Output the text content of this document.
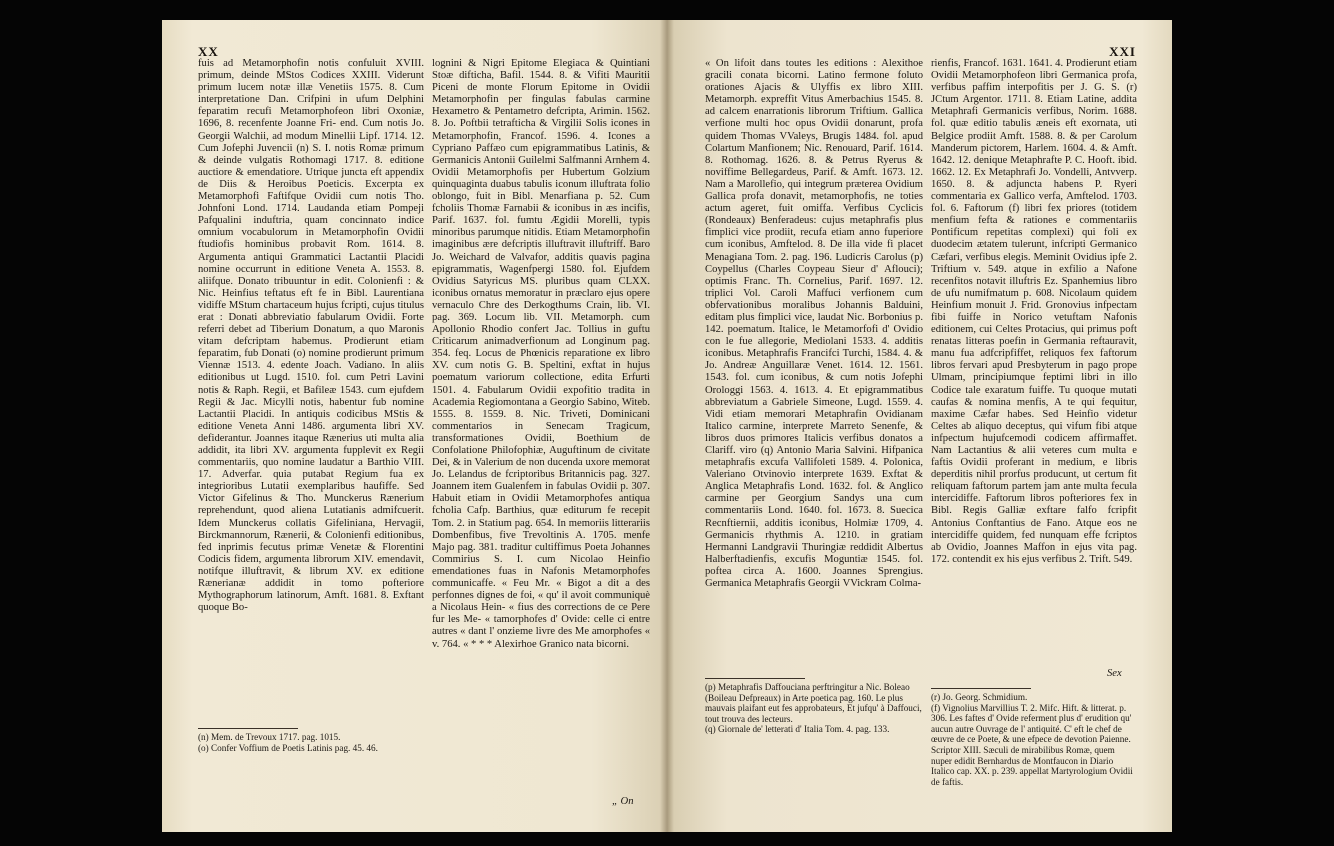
XX

fuis ad Metamorphofin notis confuluit XVIII. primum, deinde MStos Codices XXIII. Viderunt primum lucem notæ illæ Venetiis 1575. 8. Cum interpretatione Dan. Crifpini in ufum Delphini feparatim recufi Metamorphofeon libri Oxoniæ, 1696, 8. recenfente Joanne Fri- end. Cum notis Jo. Georgii Walchii, ad modum Minellii Lipf. 1714. 12. Cum Jofephi Juvencii (n) S. I. notis Romæ primum & deinde vulgatis Rothomagi 1717. 8. editione auctiore & emendatiore. Utrique juncta eft appendix de Diis & Heroibus Poeticis. Excerpta ex Metamorphofi Faftifque Ovidii cum notis Tho. Johnfoni Lond. 1714. Laudanda etiam Pompeji Pafqualini induftria, quam concinnato indice omnium vocabulorum in Metamorphofin Ovidii ftudiofis hominibus probavit Rom. 1614. 8. Argumenta antiqui Grammatici Lactantii Placidi nomine occurrunt in editione Veneta A. 1553. 8. aliifque. Donato tribuuntur in edit. Colonienfi : & Nic. Heinfius teftatus eft fe in Bibl. Laurentiana vidiffe MStum chartaceum hujus fcripti, cujus titulus erat : Donati abbreviatio fabularum Ovidii. Forte referri debet ad Tiberium Donatum, a quo Maronis vitam defcriptam habemus. Prodierunt etiam feparatim, fub Donati (o) nomine prodierunt primum Viennæ 1513. 4. edente Joach. Vadiano. In aliis editionibus ut Lugd. 1510. fol. cum Petri Lavini notis & Raph. Regii, et Bafileæ 1543. cum ejufdem Regii & Jac. Micylli notis, habentur fub nomine Lactantii Placidi. In antiquis codicibus MStis & editione Veneta Anni 1486. argumenta libri XV. defiderantur. Joannes itaque Rænerius uti multa alia addidit, ita libri XV. argumenta fupplevit ex Regii commentariis, quo nomine laudatur a Barthio VIII. 17. Adverfar. quia putabat Regium fua ex integrioribus Lutatii exemplaribus haufiffe. Sed Victor Gifelinus & Tho. Munckerus Rænerium reprehendunt, quod aliena Lutatianis admifcuerit. Idem Munckerus collatis Gifeliniana, Hervagii, Birckmannorum, Rænerii, & Colonienfi editionibus, fed inprimis fecutus primæ Venetæ & Florentini Codicis fidem, argumenta librorum XIV. emendavit, notifque illuftravit, & librum XV. ex editione Rænerianæ addidit in tomo pofteriore Mythographorum latinorum, Amft. 1681. 8. Exftant quoque Bo-

(n) Mem. de Trevoux 1717. pag. 1015.

(o) Confer Voffium de Poetis Latinis pag. 45. 46.

lognini & Nigri Epitome Elegiaca & Quintiani Stoæ difticha, Bafil. 1544. 8. & Vifiti Mauritii Piceni de monte Florum Epitome in Ovidii Metamorphofin per fingulas fabulas carmine Hexametro & Pentametro defcripta, Arimin. 1562. 8. Jo. Poftbii tetrafticha & Virgilii Solis icones in Metamorphofin, Francof. 1596. 4. Icones a Cypriano Paffæo cum epigrammatibus Latinis, & Germanicis Antonii Guilelmi Salfmanni Arnhem 4. Ovidii Metamorphofis per Hubertum Golzium quinquaginta duabus tabulis iconum illuftrata folio oblongo, fuit in Bibl. Menarfiana p. 52. Cum fcholiis Thomæ Farnabii & iconibus in æs incifis, Parif. 1637. fol. fumtu Ægidii Morelli, typis minoribus parumque nitidis. Etiam Metamorphofin imaginibus ære defcriptis illuftravit illuftriff. Baro Jo. Weichard de Valvafor, additis quavis pagina epigrammatis, Wagenfpergi 1580. fol. Ejufdem Ovidius Satyricus MS. pluribus quam CLXX. iconibus ornatus memoratur in præclaro ejus opere vernaculo Chre des Derkogthums Crain, lib. VI. pag. 369. Locum lib. VII. Metamorph. cum Apollonio Rhodio confert Jac. Tollius in guftu Criticarum animadverfionum ad Longinum pag. 354. feq. Locus de Phœnicis reparatione ex libro XV. cum notis G. B. Speltini, exftat in hujus poematum variorum collectione, edita Erfurti 1501. 4. Fabularum Ovidii expofitio tradita in Academia Regiomontana a Georgio Sabino, Witeb. 1555. 8. 1559. 8. Nic. Triveti, Dominicani commentarios in Senecam Tragicum, transformationes Ovidii, Boethium de Confolatione Philofophiæ, Auguftinum de civitate Dei, & in Valerium de non ducenda uxore memorat Jo. Lelandus de fcriptoribus Britannicis pag. 327. Joannem item Gualenfem in fabulas Ovidii p. 307. Habuit etiam in Ovidii Metamorphofes antiqua fcholia Cafp. Barthius, quæ editurum fe recepit Tom. 2. in Statium pag. 654. In memoriis litterariis Dombenfibus, five Trevoltinis A. 1705. menfe Majo pag. 381. traditur cultiffimus Poeta Johannes Commirius S. I. cum Nicolao Heinfio emendationes fuas in Nafonis Metamorphofes communicaffe. « Feu Mr. « Bigot a dit a des perfonnes dignes de foi, « qu' il avoit communiquè a Nicolaus Hein- « fius des corrections de ce Pere fur les Me- « tamorphofes d' Ovide: celle ci entre autres « dant l' onzieme livre des Me amorphofes « v. 764. « * * * Alexirhoe Granico nata bicorni.

„ On
XXI

« On lifoit dans toutes les editions : Alexithoe gracili conata bicorni. Latino fermone foluto orationes Ajacis & Ulyffis ex libro XIII. Metamorph. expreffit Vitus Amerbachius 1545. 8. ad calcem enarrationis librorum Triftium. Gallica verfione multi hoc opus Ovidii donarunt, profa quidem Thomas VValeys, Brugis 1484. fol. apud Colartum Manfionem; Nic. Renouard, Parif. 1614. 8. Rothomag. 1626. 8. & Petrus Ryerus & noviffime Bellegardeus, Parif. & Amft. 1673. 12. Nam a Marollefio, qui integrum prætereа Ovidium Gallica profa donavit, metamorphofis, ne toties actum ageret, fuit omiffa. Verfibus Cyclicis (Rondeaux) Benferadeus: cujus metaphrafis plus fimplici vice prodiit, recufa etiam anno fuperiore cum iconibus, Amftelod. 8. De illa vide fi placet Menagiana Tom. 2. pag. 196. Ludicris Carolus (p) Coypellus (Charles Coypeau Sieur d' Aflouci); optimis Franc. Th. Cornelius, Parif. 1697. 12. triplici Vol. Caroli Maffuci verfionem cum obfervationibus moralibus Johannis Balduini, editam plus fimplici vice, laudat Nic. Borbonius p. 142. poematum. Italice, le Metamorfofi d' Ovidio con le fue allegorie, Mediolani 1533. 4. additis iconibus. Metaphrafis Francifci Turchi, 1584. 4. & Jo. Andreæ Anguillaræ Venet. 1614. 12. 1561. 1543. fol. cum iconibus, & cum notis Jofephi Orologgi 1563. 4. 1613. 4. Et epigrammatibus abbreviatum a Gabriele Simeone, Lugd. 1559. 4. Vidi etiam memorari Metaphrafin Ovidianam Italico carmine, interprete Marreto Senenfe, & libros duos primores Italicis verfibus donatos a Clariff. viro (q) Antonio Maria Salvini. Hifpanica metaphrafis excufa Vallifoleti 1589. 4. Polonica, Valeriano Otvinovio interprete 1639. Exftat & Anglica Metaphrafis Lond. 1632. fol. & Anglico carmine per Georgium Sandys una cum commentariis Lond. 1640. fol. 1673. 8. Suecica Recnftiernii, additis iconibus, Holmiæ 1709, 4. Germanicis rhythmis A. 1210. in gratiam Hermanni Landgravii Thuringiæ reddidit Albertus Halberftadienfis, excufis Moguntiæ 1545. fol. poftea circa A. 1600. Joannes Sprengius. Germanica Metaphrafis Georgii VVickram Colma-

(p) Metaphrafis Daffouciana perftringitur a Nic. Boleao (Boileau Defpreaux) in Arte poetica pag. 160. Le plus mauvais plaifant eut fes approbateurs, Et jufqu' à Daffouci, tout trouva des lecteurs.

(q) Giornale de' letterati d' Italia Tom. 4. pag. 133.

rienfis, Francof. 1631. 1641. 4. Prodierunt etiam Ovidii Metamorphofeon libri Germanica profa, verfibus paffim interpofitis per J. G. S. (r) JCtum Argentor. 1711. 8. Etiam Latine, addita Metaphrafi Germanicis verfibus, Norim. 1688. fol. quæ editio tabulis æneis eft exornata, uti Belgice prodiit Amft. 1588. 8. & per Carolum Manderum pictorem, Harlem. 1604. 4. & Amft. 1642. 12. denique Metaphrafte P. C. Hooft. ibid. 1662. 12. Ex Metaphrafi Jo. Vondelli, Antvverp. 1650. 8. & adjuncta habens P. Ryeri commentaria ex Gallico verfa, Amftelod. 1703. fol. 6. Faftorum (f) libri fex priores (totidem menfium fefta & rationes e commentariis Pontificum repetitas complexi) qui foli ex duodecim ætatem tulerunt, infcripti Germanico Cæfari, verfibus elegis. Meminit Ovidius ipfe 2. Triftium v. 549. atque in exfilio a Nafone recenfitos notavit illuftris Ez. Spanhemius libro de ufu numifmatum p. 608. Nicolaum quidem Heinfium monuit J. Frid. Gronovius infpectam fibi fuiffe in Norico vetuftam Nafonis editionem, cui Celtes Protacius, qui primus poft renatas litteras poefin in Germania reftauravit, manu fua adfcripfiffet, reliquos fex faftorum libros fervari apud Presbyterum in pago prope Ulmam, principiumque feptimi libri in illo Codice tale exaratum fuiffe. Tu quoque mutati caufas & nomina menfis, A te qui fequitur, maxime Cæfar habes. Sed Heinfio videtur Celtes ab aliquo deceptus, qui vifum fibi atque infpectum hujufcemodi codicem affirmaffet. Nam Lactantius & alii veteres cum multa e faftis Ovidii proferant in medium, e libris deperditis nihil prorfus producunt, ut certum fit reliquam faftorum partem jam ante multa fecula intercidiffe. Faftorum libros pofteriores fex in Bibl. Regis Galliæ exftare falfo fcripfit Antonius Conftantius de Fano. Atque eos ne intercidiffe quidem, fed nunquam effe fcriptos ab Ovidio, Joannes Maffon in ejus vita pag. 172. contendit ex his ejus verfibus 2. Trift. 549.

Sex

(r) Jo. Georg. Schmidium.

(f) Vignolius Marvillius T. 2. Mifc. Hift. & litterat. p. 306. Les faftes d' Ovide referment plus d' erudition qu' aucun autre Ouvrage de l' antiquité. C' eft le chef de œuvre de ce Poete, & une efpece de devotion Paienne. Scriptor XIII. Sæculi de mirabilibus Romæ, quem nuper edidit Bernhardus de Montfaucon in Diario Italico cap. XX. p. 239. appellat Martyrologium Ovidii de faftis.
